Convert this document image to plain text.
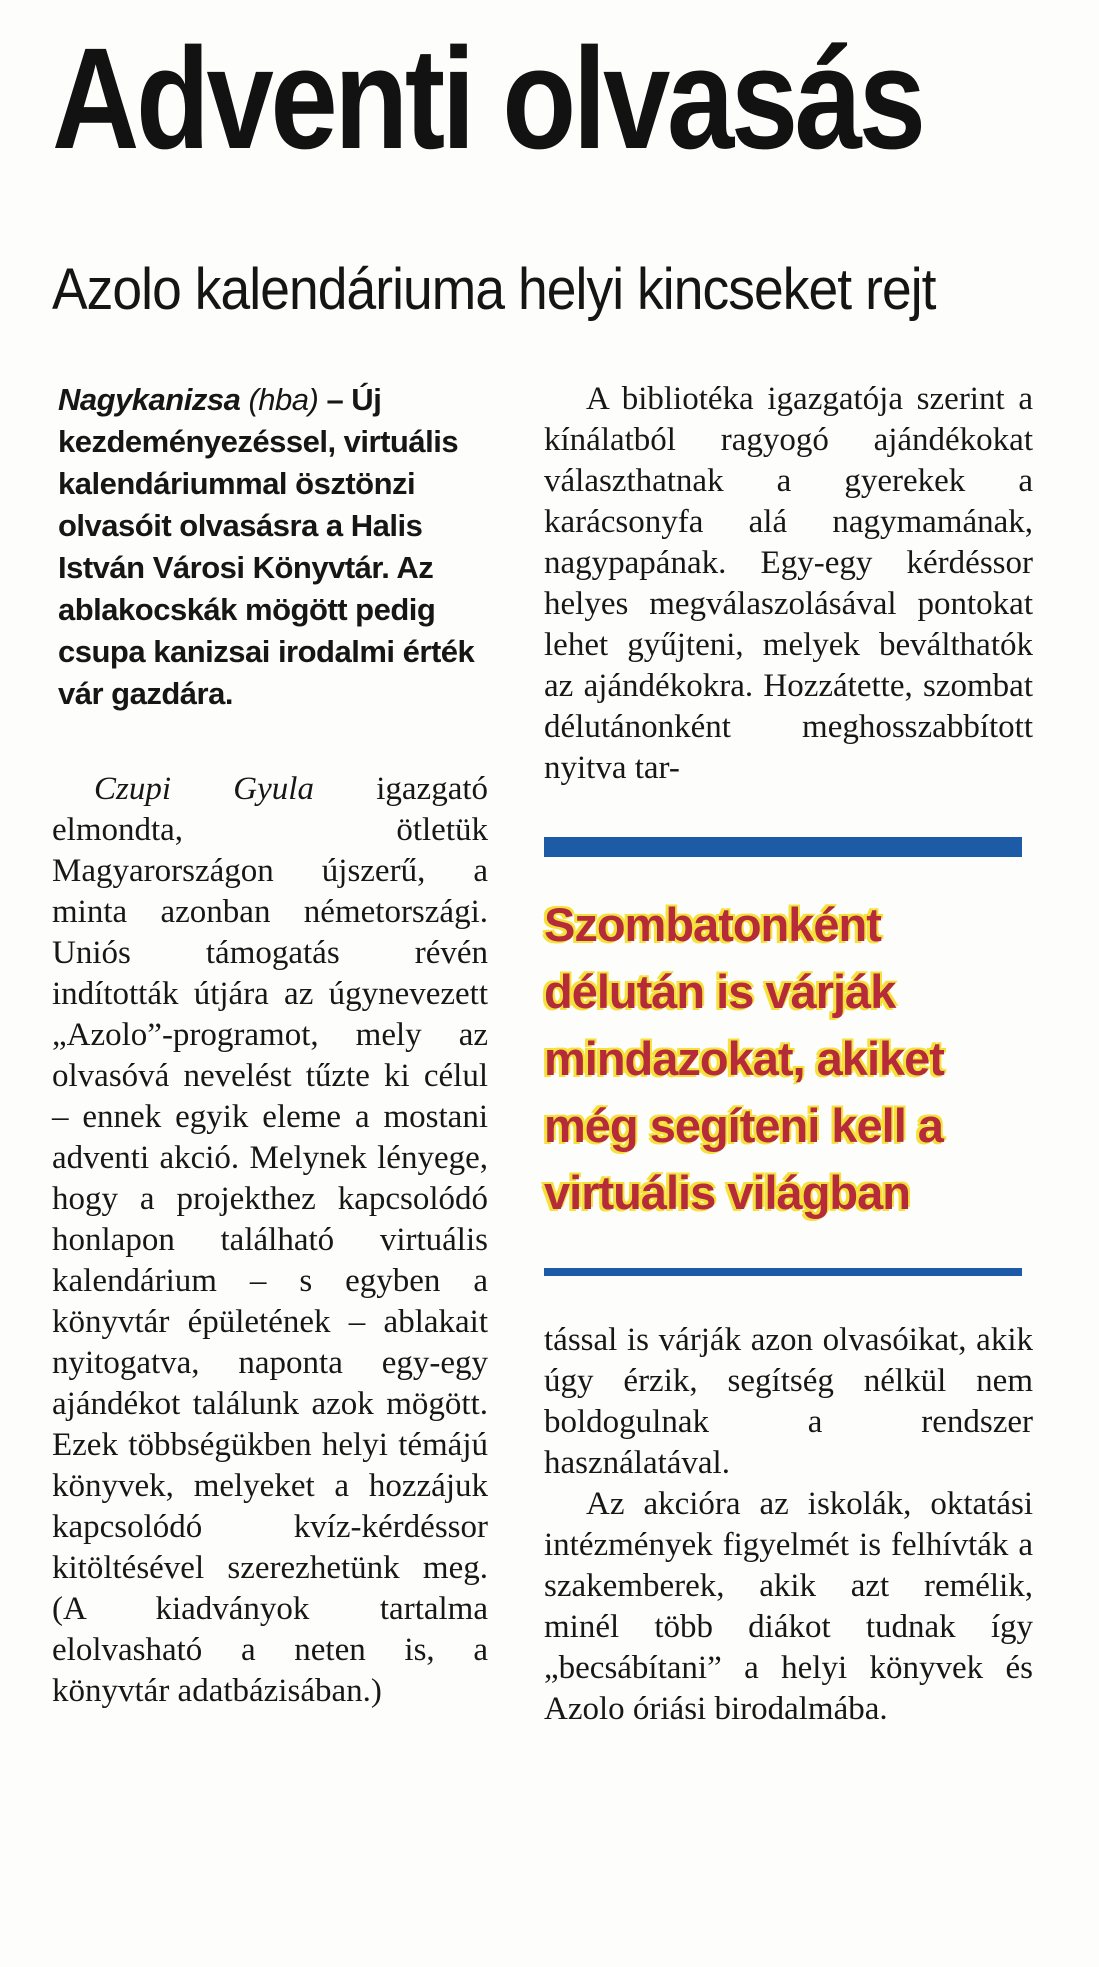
Adventi olvasás
Azolo kalendáriuma helyi kincseket rejt

Nagykanizsa (hba) – Új kezdeményezéssel, virtuális kalendáriummal ösztönzi olvasóit olvasásra a Halis István Városi Könyvtár. Az ablakocskák mögött pedig csupa kanizsai irodalmi érték vár gazdára.

Czupi Gyula igazgató elmondta, ötletük Magyarországon újszerű, a minta azonban németországi. Uniós támogatás révén indították útjára az úgynevezett „Azolo”-programot, mely az olvasóvá nevelést tűzte ki célul – ennek egyik eleme a mostani adventi akció. Melynek lényege, hogy a projekthez kapcsolódó honlapon található virtuális kalendárium – s egyben a könyvtár épületének – ablakait nyitogatva, naponta egy-egy ajándékot találunk azok mögött. Ezek többségükben helyi témájú könyvek, melyeket a hozzájuk kapcsolódó kvíz-kérdéssor kitöltésével szerezhetünk meg. (A kiadványok tartalma elolvasható a neten is, a könyvtár adatbázisában.)

A bibliotéka igazgatója szerint a kínálatból ragyogó ajándékokat választhatnak a gyerekek a karácsonyfa alá nagymamának, nagypapának. Egy-egy kérdéssor helyes megválaszolásával pontokat lehet gyűjteni, melyek beválthatók az ajándékokra. Hozzátette, szombat délutánonként meghosszabbított nyitva tar-

Szombatonként délután is várják mindazokat, akiket még segíteni kell a virtuális világban

tással is várják azon olvasóikat, akik úgy érzik, segítség nélkül nem boldogulnak a rendszer használatával.

Az akcióra az iskolák, oktatási intézmények figyelmét is felhívták a szakemberek, akik azt remélik, minél több diákot tudnak így „becsábítani” a helyi könyvek és Azolo óriási birodalmába.
